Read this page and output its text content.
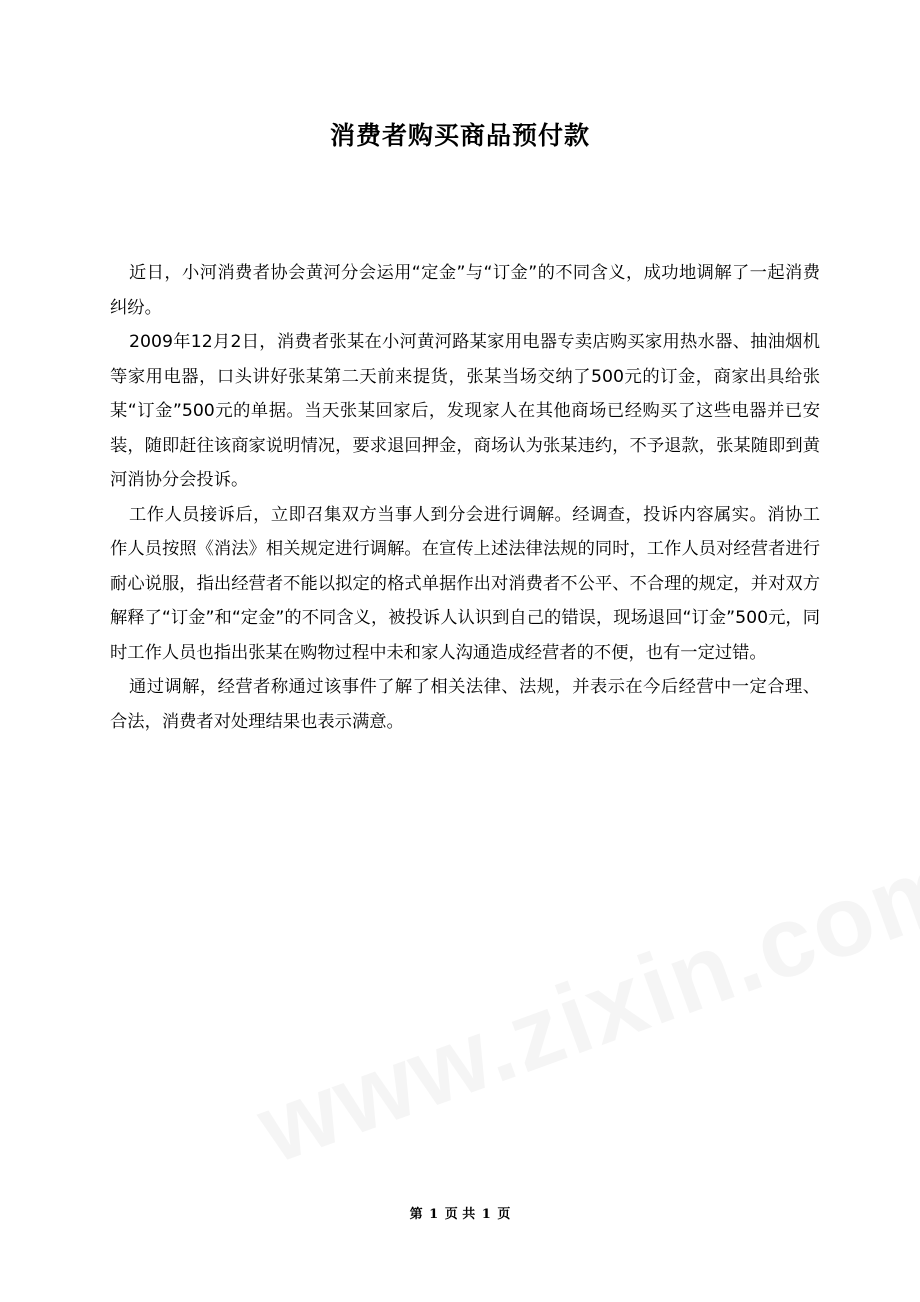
消费者购买商品预付款

近日，小河消费者协会黄河分会运用“定金”与“订金”的不同含义，成功地调解了一起消费纠纷。

2009年12月2日，消费者张某在小河黄河路某家用电器专卖店购买家用热水器、抽油烟机等家用电器，口头讲好张某第二天前来提货，张某当场交纳了500元的订金，商家出具给张某“订金”500元的单据。当天张某回家后，发现家人在其他商场已经购买了这些电器并已安装，随即赶往该商家说明情况，要求退回押金，商场认为张某违约，不予退款，张某随即到黄河消协分会投诉。

工作人员接诉后，立即召集双方当事人到分会进行调解。经调查，投诉内容属实。消协工作人员按照《消法》相关规定进行调解。在宣传上述法律法规的同时，工作人员对经营者进行耐心说服，指出经营者不能以拟定的格式单据作出对消费者不公平、不合理的规定，并对双方解释了“订金”和“定金”的不同含义，被投诉人认识到自己的错误，现场退回“订金”500元，同时工作人员也指出张某在购物过程中未和家人沟通造成经营者的不便，也有一定过错。

通过调解，经营者称通过该事件了解了相关法律、法规，并表示在今后经营中一定合理、合法，消费者对处理结果也表示满意。

第 1 页 共 1 页
